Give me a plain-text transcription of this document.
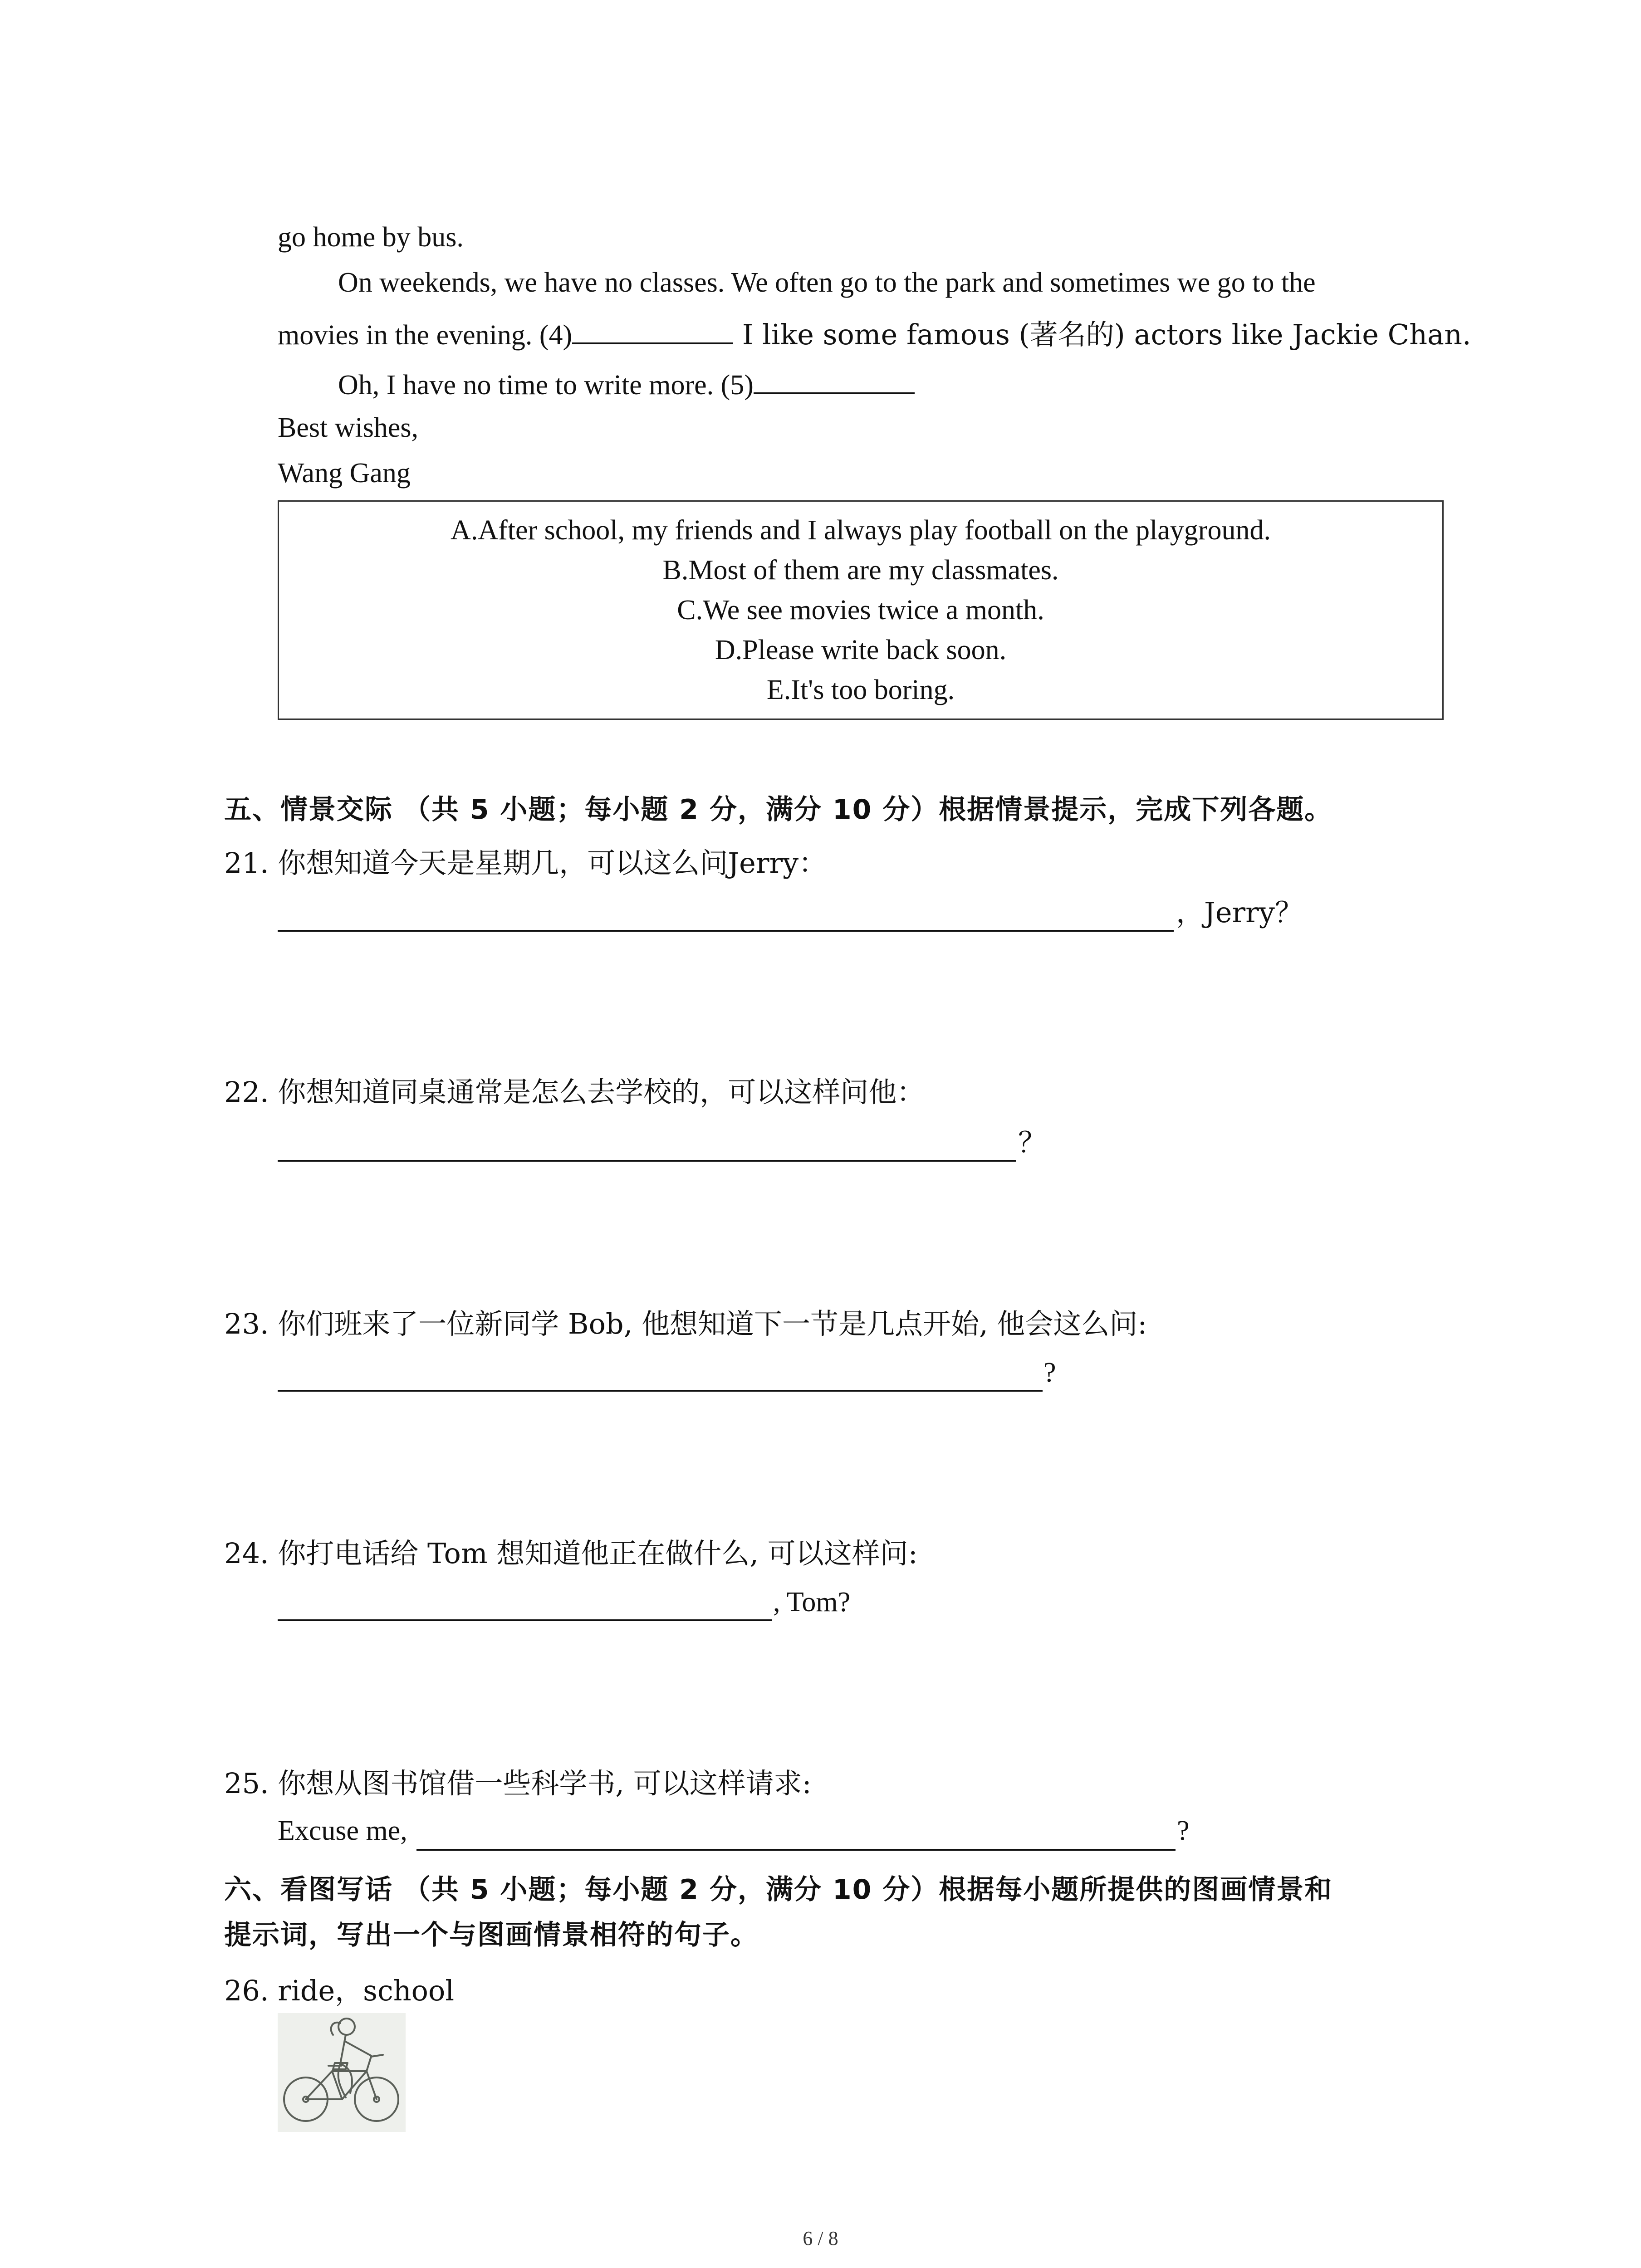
go home by bus.
On weekends, we have no classes. We often go to the park and sometimes we go to the
movies in the evening. (4)	I like some famous (著名的) actors like Jackie Chan.
Oh, I have no time to write more. (5)
Best wishes,
Wang Gang
A.After school, my friends and I always play football on the playground.
B.Most of them are my classmates.
C.We see movies twice a month.
D.Please write back soon.
E.It's too boring.
五、情景交际 （共 5 小题；每小题 2 分，满分 10 分）根据情景提示，完成下列各题。
21. 你想知道今天是星期几，可以这么问Jerry：
，Jerry？
22. 你想知道同桌通常是怎么去学校的，可以这样问他：
？
23. 你们班来了一位新同学 Bob, 他想知道下一节是几点开始, 他会这么问:
?
24. 你打电话给 Tom 想知道他正在做什么, 可以这样问:
, Tom?
25. 你想从图书馆借一些科学书, 可以这样请求:
Excuse me,	?
六、看图写话 （共 5 小题；每小题 2 分，满分 10 分）根据每小题所提供的图画情景和
提示词，写出一个与图画情景相符的句子。
26. ride，school
6 / 8
